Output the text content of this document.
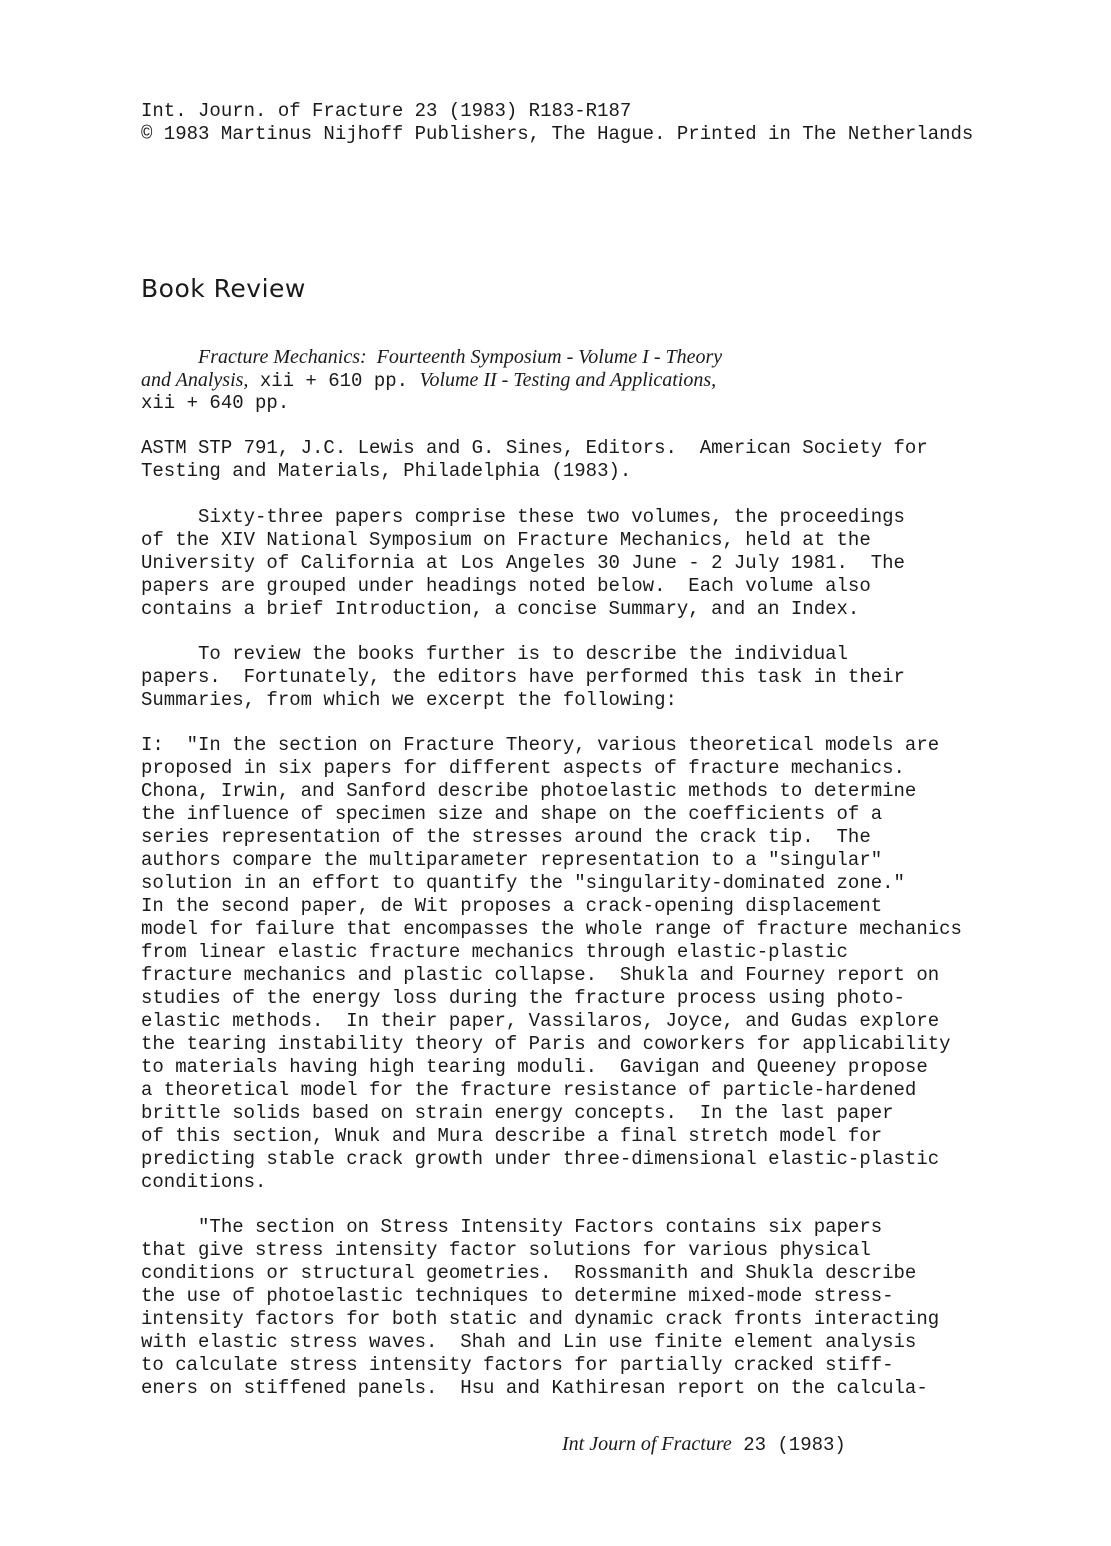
Int. Journ. of Fracture 23 (1983) R183-R187
© 1983 Martinus Nijhoff Publishers, The Hague. Printed in The Netherlands
Book Review
Fracture Mechanics:  Fourteenth Symposium - Volume I - Theory
and Analysis, xii + 610 pp. Volume II - Testing and Applications,
xii + 640 pp.
ASTM STP 791, J.C. Lewis and G. Sines, Editors.  American Society for
Testing and Materials, Philadelphia (1983).
Sixty-three papers comprise these two volumes, the proceedings
of the XIV National Symposium on Fracture Mechanics, held at the
University of California at Los Angeles 30 June - 2 July 1981.  The
papers are grouped under headings noted below.  Each volume also
contains a brief Introduction, a concise Summary, and an Index.
To review the books further is to describe the individual
papers.  Fortunately, the editors have performed this task in their
Summaries, from which we excerpt the following:
I:  "In the section on Fracture Theory, various theoretical models are
proposed in six papers for different aspects of fracture mechanics.
Chona, Irwin, and Sanford describe photoelastic methods to determine
the influence of specimen size and shape on the coefficients of a
series representation of the stresses around the crack tip.  The
authors compare the multiparameter representation to a "singular"
solution in an effort to quantify the "singularity-dominated zone."
In the second paper, de Wit proposes a crack-opening displacement
model for failure that encompasses the whole range of fracture mechanics
from linear elastic fracture mechanics through elastic-plastic
fracture mechanics and plastic collapse.  Shukla and Fourney report on
studies of the energy loss during the fracture process using photo-
elastic methods.  In their paper, Vassilaros, Joyce, and Gudas explore
the tearing instability theory of Paris and coworkers for applicability
to materials having high tearing moduli.  Gavigan and Queeney propose
a theoretical model for the fracture resistance of particle-hardened
brittle solids based on strain energy concepts.  In the last paper
of this section, Wnuk and Mura describe a final stretch model for
predicting stable crack growth under three-dimensional elastic-plastic
conditions.
"The section on Stress Intensity Factors contains six papers
that give stress intensity factor solutions for various physical
conditions or structural geometries.  Rossmanith and Shukla describe
the use of photoelastic techniques to determine mixed-mode stress-
intensity factors for both static and dynamic crack fronts interacting
with elastic stress waves.  Shah and Lin use finite element analysis
to calculate stress intensity factors for partially cracked stiff-
eners on stiffened panels.  Hsu and Kathiresan report on the calcula-
Int Journ of Fracture 23 (1983)
